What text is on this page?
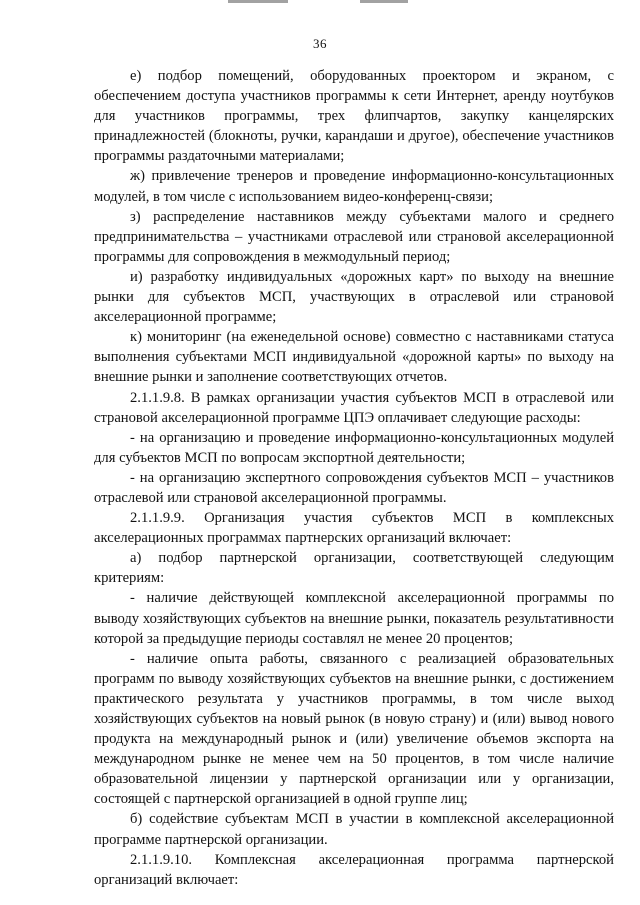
36

е) подбор помещений, оборудованных проектором и экраном, с обеспечением доступа участников программы к сети Интернет, аренду ноутбуков для участников программы, трех флипчартов, закупку канцелярских принадлежностей (блокноты, ручки, карандаши и другое), обеспечение участников программы раздаточными материалами;

ж) привлечение тренеров и проведение информационно-консультационных модулей, в том числе с использованием видео-конференц-связи;

з) распределение наставников между субъектами малого и среднего предпринимательства – участниками отраслевой или страновой акселерационной программы для сопровождения в межмодульный период;

и) разработку индивидуальных «дорожных карт» по выходу на внешние рынки для субъектов МСП, участвующих в отраслевой или страновой акселерационной программе;

к) мониторинг (на еженедельной основе) совместно с наставниками статуса выполнения субъектами МСП индивидуальной «дорожной карты» по выходу на внешние рынки и заполнение соответствующих отчетов.

2.1.1.9.8. В рамках организации участия субъектов МСП в отраслевой или страновой акселерационной программе ЦПЭ оплачивает следующие расходы:

- на организацию и проведение информационно-консультационных модулей для субъектов МСП по вопросам экспортной деятельности;

- на организацию экспертного сопровождения субъектов МСП – участников отраслевой или страновой акселерационной программы.

2.1.1.9.9. Организация участия субъектов МСП в комплексных акселерационных программах партнерских организаций включает:

а) подбор партнерской организации, соответствующей следующим критериям:

- наличие действующей комплексной акселерационной программы по выводу хозяйствующих субъектов на внешние рынки, показатель результативности которой за предыдущие периоды составлял не менее 20 процентов;

- наличие опыта работы, связанного с реализацией образовательных программ по выводу хозяйствующих субъектов на внешние рынки, с достижением практического результата у участников программы, в том числе выход хозяйствующих субъектов на новый рынок (в новую страну) и (или) вывод нового продукта на международный рынок и (или) увеличение объемов экспорта на международном рынке не менее чем на 50 процентов, в том числе наличие образовательной лицензии у партнерской организации или у организации, состоящей с партнерской организацией в одной группе лиц;

б) содействие субъектам МСП в участии в комплексной акселерационной программе партнерской организации.

2.1.1.9.10. Комплексная акселерационная программа партнерской организаций включает:
